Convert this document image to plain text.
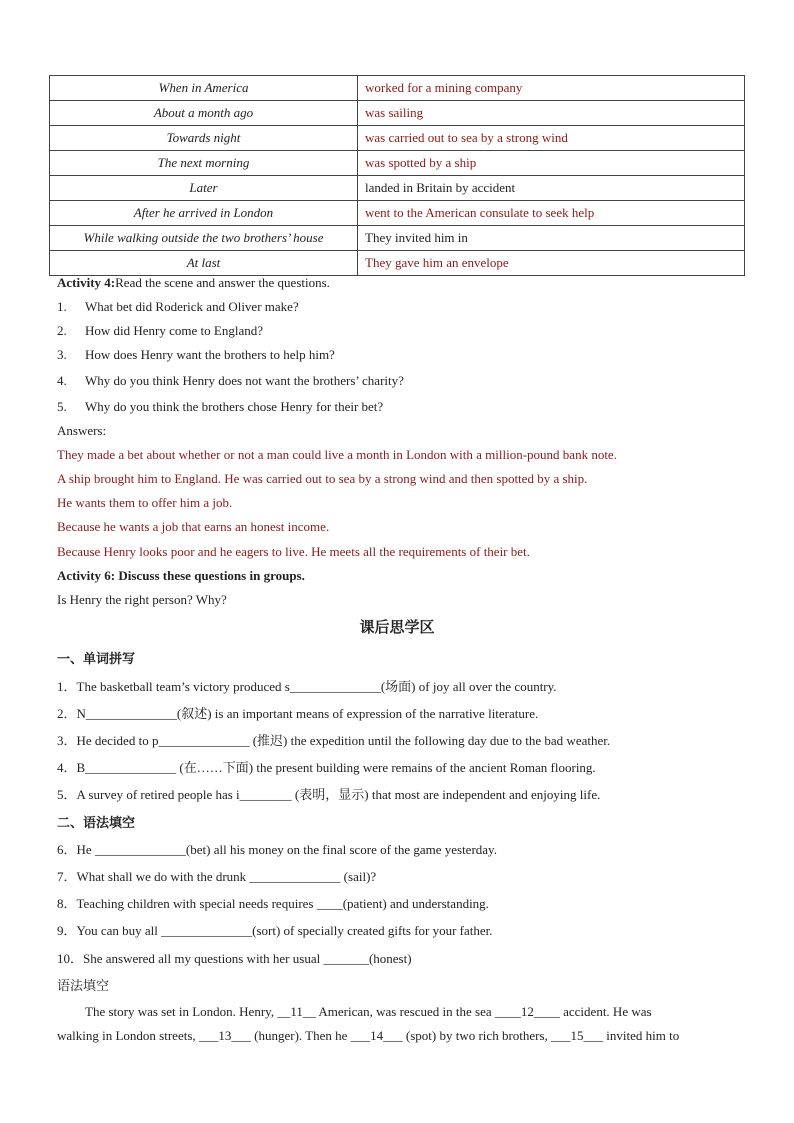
When in America	worked for a mining company
About a month ago	was sailing
Towards night	was carried out to sea by a strong wind
The next morning	was spotted by a ship
Later	landed in Britain by accident
After he arrived in London	went to the American consulate to seek help
While walking outside the two brothers’ house	They invited him in
At last	They gave him an envelope
Activity 4:Read the scene and answer the questions.
1. What bet did Roderick and Oliver make?
2. How did Henry come to England?
3. How does Henry want the brothers to help him?
4. Why do you think Henry does not want the brothers’ charity?
5. Why do you think the brothers chose Henry for their bet?
Answers:
They made a bet about whether or not a man could live a month in London with a million-pound bank note.
A ship brought him to England. He was carried out to sea by a strong wind and then spotted by a ship.
He wants them to offer him a job.
Because he wants a job that earns an honest income.
Because Henry looks poor and he eagers to live. He meets all the requirements of their bet.
Activity 6: Discuss these questions in groups.
Is Henry the right person? Why?
课后思学区
一、单词拼写
1．The basketball team’s victory produced s______________(场面) of joy all over the country.
2．N______________(叙述) is an important means of expression of the narrative literature.
3．He decided to p______________ (推迟) the expedition until the following day due to the bad weather.
4．B______________ (在……下面) the present building were remains of the ancient Roman flooring.
5．A survey of retired people has i________ (表明，显示) that most are independent and enjoying life.
二、语法填空
6．He ______________(bet) all his money on the final score of the game yesterday.
7．What shall we do with the drunk ______________ (sail)?
8．Teaching children with special needs requires ____(patient) and understanding.
9．You can buy all ______________(sort) of specially created gifts for your father.
10．She answered all my questions with her usual _______(honest)
语法填空
The story was set in London. Henry, __11__ American, was rescued in the sea ____12____ accident. He was
walking in London streets, ___13___ (hunger). Then he ___14___ (spot) by two rich brothers, ___15___ invited him to
